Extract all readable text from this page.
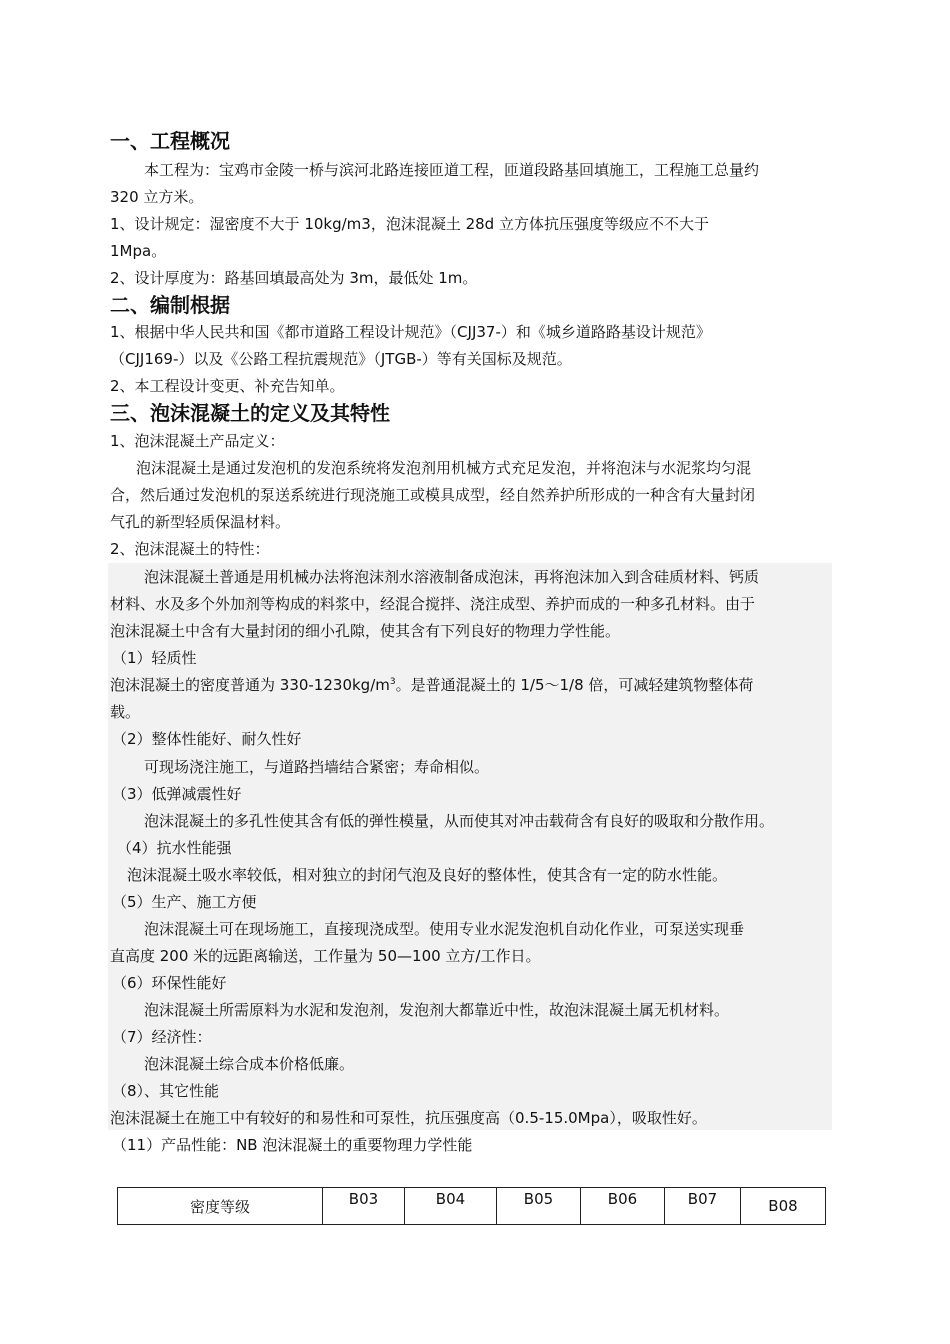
一、工程概况
本工程为：宝鸡市金陵一桥与滨河北路连接匝道工程，匝道段路基回填施工，工程施工总量约
320 立方米。
1、设计规定：湿密度不大于 10kg/m3，泡沫混凝土 28d 立方体抗压强度等级应不不大于
1Mpa。
2、设计厚度为：路基回填最高处为 3m，最低处 1m。
二、编制根据
1、根据中华人民共和国《都市道路工程设计规范》（CJJ37-）和《城乡道路路基设计规范》
（CJJ169-）以及《公路工程抗震规范》（JTGB-）等有关国标及规范。
2、本工程设计变更、补充告知单。
三、泡沫混凝土的定义及其特性
1、泡沫混凝土产品定义：
泡沫混凝土是通过发泡机的发泡系统将发泡剂用机械方式充足发泡，并将泡沫与水泥浆均匀混
合，然后通过发泡机的泵送系统进行现浇施工或模具成型，经自然养护所形成的一种含有大量封闭
气孔的新型轻质保温材料。
2、泡沫混凝土的特性：
泡沫混凝土普通是用机械办法将泡沫剂水溶液制备成泡沫，再将泡沫加入到含硅质材料、钙质
材料、水及多个外加剂等构成的料浆中，经混合搅拌、浇注成型、养护而成的一种多孔材料。由于
泡沫混凝土中含有大量封闭的细小孔隙，使其含有下列良好的物理力学性能。
（1）轻质性
泡沫混凝土的密度普通为 $330-1230kg/m^3$。是普通混凝土的 1/5～1/8 倍，可减轻建筑物整体荷
载。
（2）整体性能好、耐久性好
可现场浇注施工，与道路挡墙结合紧密；寿命相似。
（3）低弹减震性好
泡沫混凝土的多孔性使其含有低的弹性模量，从而使其对冲击载荷含有良好的吸取和分散作用。
（4）抗水性能强
泡沫混凝土吸水率较低，相对独立的封闭气泡及良好的整体性，使其含有一定的防水性能。
（5）生产、施工方便
泡沫混凝土可在现场施工，直接现浇成型。使用专业水泥发泡机自动化作业，可泵送实现垂
直高度 200 米的远距离输送，工作量为 50—100 立方/工作日。
（6）环保性能好
泡沫混凝土所需原料为水泥和发泡剂，发泡剂大都靠近中性，故泡沫混凝土属无机材料。
（7）经济性：
泡沫混凝土综合成本价格低廉。
（8）、其它性能
泡沫混凝土在施工中有较好的和易性和可泵性，抗压强度高（0.5-15.0Mpa），吸取性好。
（11）产品性能：NB 泡沫混凝土的重要物理力学性能
密度等级	B03	B04	B05	B06	B07	B08
